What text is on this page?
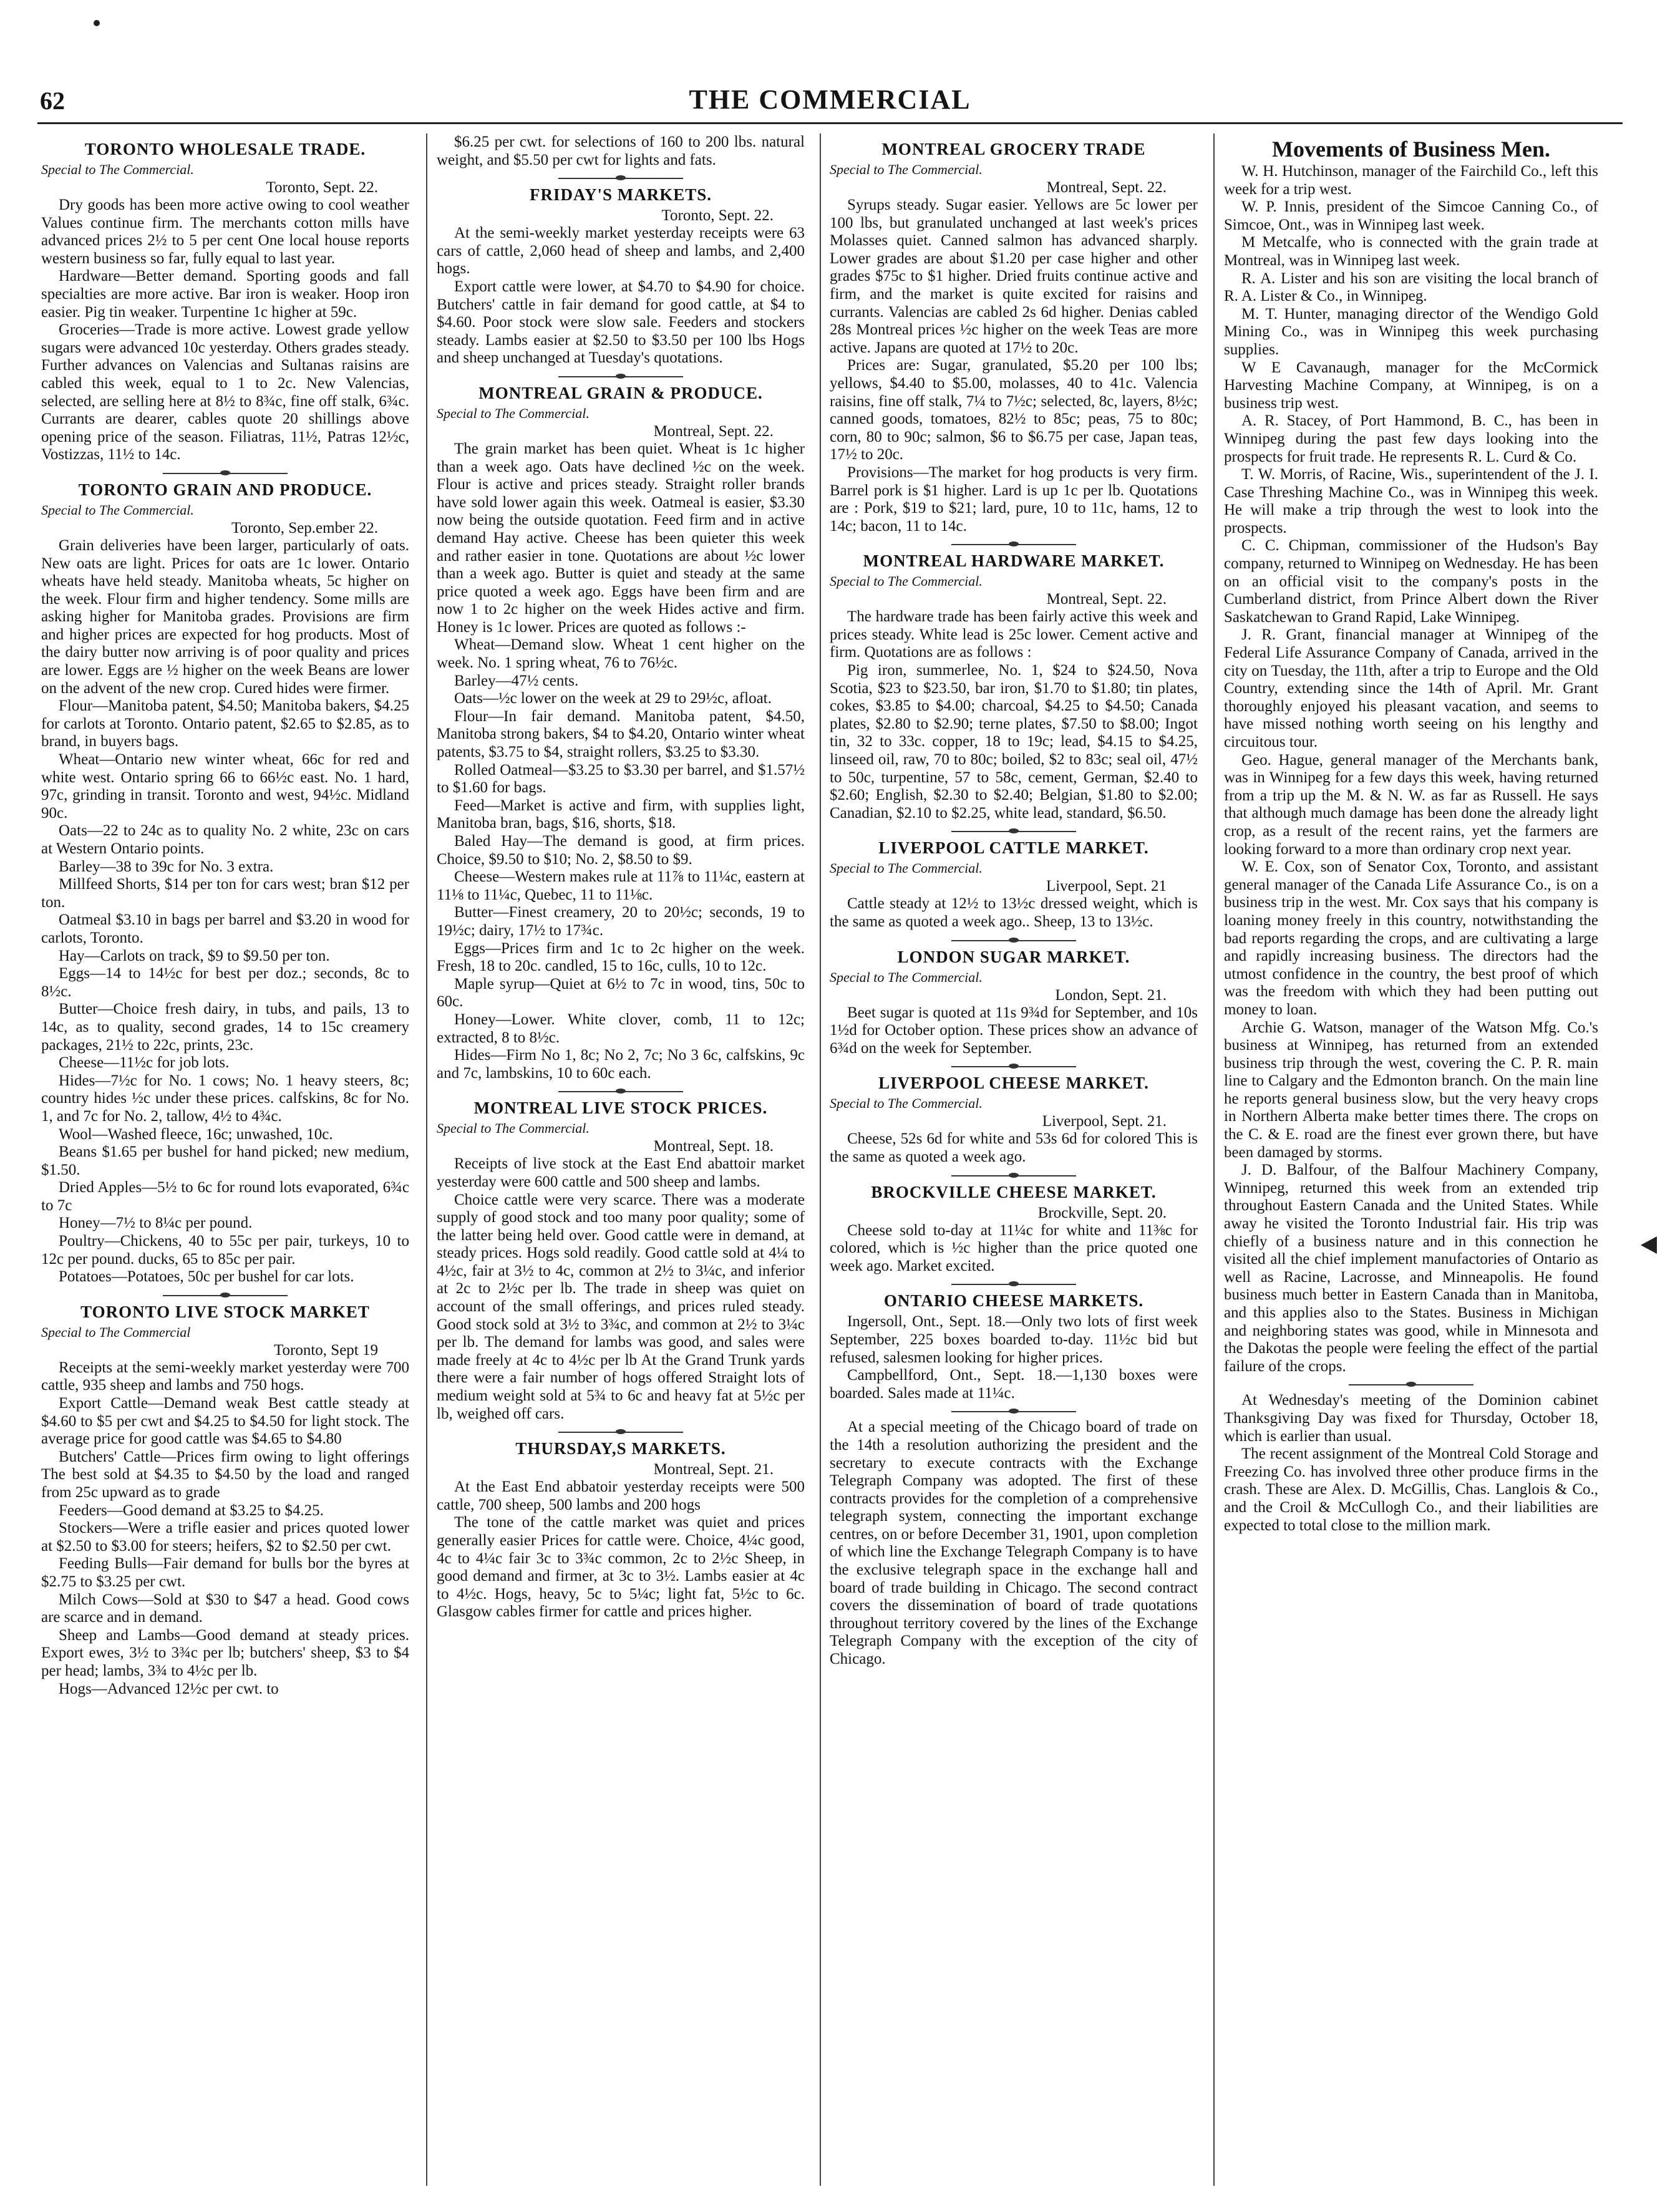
62	THE COMMERCIAL
TORONTO WHOLESALE TRADE.
Special to The Commercial.
Toronto, Sept. 22.

Dry goods has been more active owing to cool weather Values continue firm. The merchants cotton mills have advanced prices 2½ to 5 per cent One local house reports western business so far, fully equal to last year.

Hardware—Better demand. Sporting goods and fall specialties are more active. Bar iron is weaker. Hoop iron easier. Pig tin weaker. Turpentine 1c higher at 59c.

Groceries—Trade is more active. Lowest grade yellow sugars were advanced 10c yesterday. Others grades steady. Further advances on Valencias and Sultanas raisins are cabled this week, equal to 1 to 2c. New Valencias, selected, are selling here at 8½ to 8¾c, fine off stalk, 6¾c. Currants are dearer, cables quote 20 shillings above opening price of the season. Filiatras, 11½, Patras 12½c, Vostizzas, 11½ to 14c.

TORONTO GRAIN AND PRODUCE.
Special to The Commercial.
Toronto, Sep.ember 22.

Grain deliveries have been larger, particularly of oats. New oats are light. Prices for oats are 1c lower. Ontario wheats have held steady. Manitoba wheats, 5c higher on the week. Flour firm and higher tendency. Some mills are asking higher for Manitoba grades. Provisions are firm and higher prices are expected for hog products. Most of the dairy butter now arriving is of poor quality and prices are lower. Eggs are ½ higher on the week Beans are lower on the advent of the new crop. Cured hides were firmer.

Flour—Manitoba patent, $4.50; Manitoba bakers, $4.25 for carlots at Toronto. Ontario patent, $2.65 to $2.85, as to brand, in buyers bags.

Wheat—Ontario new winter wheat, 66c for red and white west. Ontario spring 66 to 66½c east. No. 1 hard, 97c, grinding in transit. Toronto and west, 94½c. Midland 90c.

Oats—22 to 24c as to quality No. 2 white, 23c on cars at Western Ontario points.

Barley—38 to 39c for No. 3 extra.

Millfeed Shorts, $14 per ton for cars west; bran $12 per ton.

Oatmeal $3.10 in bags per barrel and $3.20 in wood for carlots, Toronto.

Hay—Carlots on track, $9 to $9.50 per ton.

Eggs—14 to 14½c for best per doz.; seconds, 8c to 8½c.

Butter—Choice fresh dairy, in tubs, and pails, 13 to 14c, as to quality, second grades, 14 to 15c creamery packages, 21½ to 22c, prints, 23c.

Cheese—11½c for job lots.

Hides—7½c for No. 1 cows; No. 1 heavy steers, 8c; country hides ½c under these prices. calfskins, 8c for No. 1, and 7c for No. 2, tallow, 4½ to 4¾c.

Wool—Washed fleece, 16c; unwashed, 10c.

Beans $1.65 per bushel for hand picked; new medium, $1.50.

Dried Apples—5½ to 6c for round lots evaporated, 6¾c to 7c

Honey—7½ to 8¼c per pound.

Poultry—Chickens, 40 to 55c per pair, turkeys, 10 to 12c per pound. ducks, 65 to 85c per pair.

Potatoes—Potatoes, 50c per bushel for car lots.

TORONTO LIVE STOCK MARKET
Special to The Commercial
Toronto, Sept 19

Receipts at the semi-weekly market yesterday were 700 cattle, 935 sheep and lambs and 750 hogs.

Export Cattle—Demand weak Best cattle steady at $4.60 to $5 per cwt and $4.25 to $4.50 for light stock. The average price for good cattle was $4.65 to $4.80

Butchers' Cattle—Prices firm owing to light offerings The best sold at $4.35 to $4.50 by the load and ranged from 25c upward as to grade

Feeders—Good demand at $3.25 to $4.25.

Stockers—Were a trifle easier and prices quoted lower at $2.50 to $3.00 for steers; heifers, $2 to $2.50 per cwt.

Feeding Bulls—Fair demand for bulls bor the byres at $2.75 to $3.25 per cwt.

Milch Cows—Sold at $30 to $47 a head. Good cows are scarce and in demand.

Sheep and Lambs—Good demand at steady prices. Export ewes, 3½ to 3¾c per lb; butchers' sheep, $3 to $4 per head; lambs, 3¾ to 4½c per lb.

Hogs—Advanced 12½c per cwt. to

$6.25 per cwt. for selections of 160 to 200 lbs. natural weight, and $5.50 per cwt for lights and fats.

FRIDAY'S MARKETS.
Toronto, Sept. 22.

At the semi-weekly market yesterday receipts were 63 cars of cattle, 2,060 head of sheep and lambs, and 2,400 hogs.

Export cattle were lower, at $4.70 to $4.90 for choice. Butchers' cattle in fair demand for good cattle, at $4 to $4.60. Poor stock were slow sale. Feeders and stockers steady. Lambs easier at $2.50 to $3.50 per 100 lbs Hogs and sheep unchanged at Tuesday's quotations.

MONTREAL GRAIN & PRODUCE.
Special to The Commercial.
Montreal, Sept. 22.

The grain market has been quiet. Wheat is 1c higher than a week ago. Oats have declined ½c on the week. Flour is active and prices steady. Straight roller brands have sold lower again this week. Oatmeal is easier, $3.30 now being the outside quotation. Feed firm and in active demand Hay active. Cheese has been quieter this week and rather easier in tone. Quotations are about ½c lower than a week ago. Butter is quiet and steady at the same price quoted a week ago. Eggs have been firm and are now 1 to 2c higher on the week Hides active and firm. Honey is 1c lower. Prices are quoted as follows :-

Wheat—Demand slow. Wheat 1 cent higher on the week. No. 1 spring wheat, 76 to 76½c.

Barley—47½ cents.

Oats—½c lower on the week at 29 to 29½c, afloat.

Flour—In fair demand. Manitoba patent, $4.50, Manitoba strong bakers, $4 to $4.20, Ontario winter wheat patents, $3.75 to $4, straight rollers, $3.25 to $3.30.

Rolled Oatmeal—$3.25 to $3.30 per barrel, and $1.57½ to $1.60 for bags.

Feed—Market is active and firm, with supplies light, Manitoba bran, bags, $16, shorts, $18.

Baled Hay—The demand is good, at firm prices. Choice, $9.50 to $10; No. 2, $8.50 to $9.

Cheese—Western makes rule at 11⅞ to 11¼c, eastern at 11⅛ to 11¼c, Quebec, 11 to 11⅛c.

Butter—Finest creamery, 20 to 20½c; seconds, 19 to 19½c; dairy, 17½ to 17¾c.

Eggs—Prices firm and 1c to 2c higher on the week. Fresh, 18 to 20c. candled, 15 to 16c, culls, 10 to 12c.

Maple syrup—Quiet at 6½ to 7c in wood, tins, 50c to 60c.

Honey—Lower. White clover, comb, 11 to 12c; extracted, 8 to 8½c.

Hides—Firm No 1, 8c; No 2, 7c; No 3 6c, calfskins, 9c and 7c, lambskins, 10 to 60c each.

MONTREAL LIVE STOCK PRICES.
Special to The Commercial.
Montreal, Sept. 18.

Receipts of live stock at the East End abattoir market yesterday were 600 cattle and 500 sheep and lambs.

Choice cattle were very scarce. There was a moderate supply of good stock and too many poor quality; some of the latter being held over. Good cattle were in demand, at steady prices. Hogs sold readily. Good cattle sold at 4¼ to 4½c, fair at 3½ to 4c, common at 2½ to 3¼c, and inferior at 2c to 2½c per lb. The trade in sheep was quiet on account of the small offerings, and prices ruled steady. Good stock sold at 3½ to 3¾c, and common at 2½ to 3¼c per lb. The demand for lambs was good, and sales were made freely at 4c to 4½c per lb At the Grand Trunk yards there were a fair number of hogs offered Straight lots of medium weight sold at 5¾ to 6c and heavy fat at 5½c per lb, weighed off cars.

THURSDAY,S MARKETS.
Montreal, Sept. 21.

At the East End abbatoir yesterday receipts were 500 cattle, 700 sheep, 500 lambs and 200 hogs

The tone of the cattle market was quiet and prices generally easier Prices for cattle were. Choice, 4¼c good, 4c to 4¼c fair 3c to 3¾c common, 2c to 2½c Sheep, in good demand and firmer, at 3c to 3½. Lambs easier at 4c to 4½c. Hogs, heavy, 5c to 5¼c; light fat, 5½c to 6c. Glasgow cables firmer for cattle and prices higher.

MONTREAL GROCERY TRADE
Special to The Commercial.
Montreal, Sept. 22.

Syrups steady. Sugar easier. Yellows are 5c lower per 100 lbs, but granulated unchanged at last week's prices Molasses quiet. Canned salmon has advanced sharply. Lower grades are about $1.20 per case higher and other grades $75c to $1 higher. Dried fruits continue active and firm, and the market is quite excited for raisins and currants. Valencias are cabled 2s 6d higher. Denias cabled 28s Montreal prices ½c higher on the week Teas are more active. Japans are quoted at 17½ to 20c.

Prices are: Sugar, granulated, $5.20 per 100 lbs; yellows, $4.40 to $5.00, molasses, 40 to 41c. Valencia raisins, fine off stalk, 7¼ to 7½c; selected, 8c, layers, 8½c; canned goods, tomatoes, 82½ to 85c; peas, 75 to 80c; corn, 80 to 90c; salmon, $6 to $6.75 per case, Japan teas, 17½ to 20c.

Provisions—The market for hog products is very firm. Barrel pork is $1 higher. Lard is up 1c per lb. Quotations are : Pork, $19 to $21; lard, pure, 10 to 11c, hams, 12 to 14c; bacon, 11 to 14c.

MONTREAL HARDWARE MARKET.
Special to The Commercial.
Montreal, Sept. 22.

The hardware trade has been fairly active this week and prices steady. White lead is 25c lower. Cement active and firm. Quotations are as follows :

Pig iron, summerlee, No. 1, $24 to $24.50, Nova Scotia, $23 to $23.50, bar iron, $1.70 to $1.80; tin plates, cokes, $3.85 to $4.00; charcoal, $4.25 to $4.50; Canada plates, $2.80 to $2.90; terne plates, $7.50 to $8.00; Ingot tin, 32 to 33c. copper, 18 to 19c; lead, $4.15 to $4.25, linseed oil, raw, 70 to 80c; boiled, $2 to 83c; seal oil, 47½ to 50c, turpentine, 57 to 58c, cement, German, $2.40 to $2.60; English, $2.30 to $2.40; Belgian, $1.80 to $2.00; Canadian, $2.10 to $2.25, white lead, standard, $6.50.

LIVERPOOL CATTLE MARKET.
Special to The Commercial.
Liverpool, Sept. 21

Cattle steady at 12½ to 13½c dressed weight, which is the same as quoted a week ago.. Sheep, 13 to 13½c.

LONDON SUGAR MARKET.
Special to The Commercial.
London, Sept. 21.

Beet sugar is quoted at 11s 9¾d for September, and 10s 1½d for October option. These prices show an advance of 6¾d on the week for September.

LIVERPOOL CHEESE MARKET.
Special to The Commercial.
Liverpool, Sept. 21.

Cheese, 52s 6d for white and 53s 6d for colored This is the same as quoted a week ago.

BROCKVILLE CHEESE MARKET.
Brockville, Sept. 20.

Cheese sold to-day at 11¼c for white and 11⅜c for colored, which is ½c higher than the price quoted one week ago. Market excited.

ONTARIO CHEESE MARKETS.

Ingersoll, Ont., Sept. 18.—Only two lots of first week September, 225 boxes boarded to-day. 11½c bid but refused, salesmen looking for higher prices.

Campbellford, Ont., Sept. 18.—1,130 boxes were boarded. Sales made at 11¼c.

At a special meeting of the Chicago board of trade on the 14th a resolution authorizing the president and the secretary to execute contracts with the Exchange Telegraph Company was adopted. The first of these contracts provides for the completion of a comprehensive telegraph system, connecting the important exchange centres, on or before December 31, 1901, upon completion of which line the Exchange Telegraph Company is to have the exclusive telegraph space in the exchange hall and board of trade building in Chicago. The second contract covers the dissemination of board of trade quotations throughout territory covered by the lines of the Exchange Telegraph Company with the exception of the city of Chicago.

Movements of Business Men.

W. H. Hutchinson, manager of the Fairchild Co., left this week for a trip west.

W. P. Innis, president of the Simcoe Canning Co., of Simcoe, Ont., was in Winnipeg last week.

M Metcalfe, who is connected with the grain trade at Montreal, was in Winnipeg last week.

R. A. Lister and his son are visiting the local branch of R. A. Lister & Co., in Winnipeg.

M. T. Hunter, managing director of the Wendigo Gold Mining Co., was in Winnipeg this week purchasing supplies.

W E Cavanaugh, manager for the McCormick Harvesting Machine Company, at Winnipeg, is on a business trip west.

A. R. Stacey, of Port Hammond, B. C., has been in Winnipeg during the past few days looking into the prospects for fruit trade. He represents R. L. Curd & Co.

T. W. Morris, of Racine, Wis., superintendent of the J. I. Case Threshing Machine Co., was in Winnipeg this week. He will make a trip through the west to look into the prospects.

C. C. Chipman, commissioner of the Hudson's Bay company, returned to Winnipeg on Wednesday. He has been on an official visit to the company's posts in the Cumberland district, from Prince Albert down the River Saskatchewan to Grand Rapid, Lake Winnipeg.

J. R. Grant, financial manager at Winnipeg of the Federal Life Assurance Company of Canada, arrived in the city on Tuesday, the 11th, after a trip to Europe and the Old Country, extending since the 14th of April. Mr. Grant thoroughly enjoyed his pleasant vacation, and seems to have missed nothing worth seeing on his lengthy and circuitous tour.

Geo. Hague, general manager of the Merchants bank, was in Winnipeg for a few days this week, having returned from a trip up the M. & N. W. as far as Russell. He says that although much damage has been done the already light crop, as a result of the recent rains, yet the farmers are looking forward to a more than ordinary crop next year.

W. E. Cox, son of Senator Cox, Toronto, and assistant general manager of the Canada Life Assurance Co., is on a business trip in the west. Mr. Cox says that his company is loaning money freely in this country, notwithstanding the bad reports regarding the crops, and are cultivating a large and rapidly increasing business. The directors had the utmost confidence in the country, the best proof of which was the freedom with which they had been putting out money to loan.

Archie G. Watson, manager of the Watson Mfg. Co.'s business at Winnipeg, has returned from an extended business trip through the west, covering the C. P. R. main line to Calgary and the Edmonton branch. On the main line he reports general business slow, but the very heavy crops in Northern Alberta make better times there. The crops on the C. & E. road are the finest ever grown there, but have been damaged by storms.

J. D. Balfour, of the Balfour Machinery Company, Winnipeg, returned this week from an extended trip throughout Eastern Canada and the United States. While away he visited the Toronto Industrial fair. His trip was chiefly of a business nature and in this connection he visited all the chief implement manufactories of Ontario as well as Racine, Lacrosse, and Minneapolis. He found business much better in Eastern Canada than in Manitoba, and this applies also to the States. Business in Michigan and neighboring states was good, while in Minnesota and the Dakotas the people were feeling the effect of the partial failure of the crops.

At Wednesday's meeting of the Dominion cabinet Thanksgiving Day was fixed for Thursday, October 18, which is earlier than usual.

The recent assignment of the Montreal Cold Storage and Freezing Co. has involved three other produce firms in the crash. These are Alex. D. McGillis, Chas. Langlois & Co., and the Croil & McCullogh Co., and their liabilities are expected to total close to the million mark.
